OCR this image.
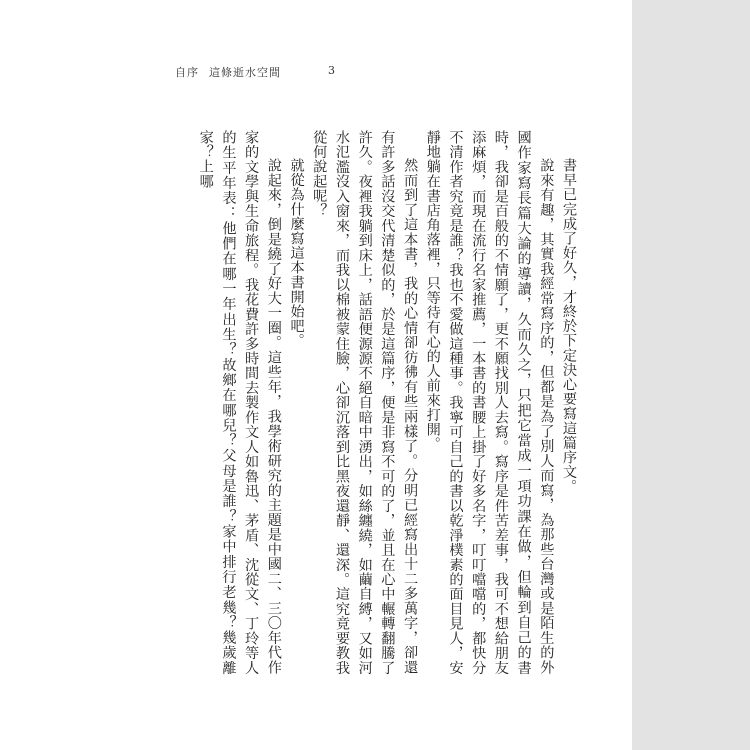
自序 這條逝水空間	3

書早已完成了好久，才終於下定決心要寫這篇序文。

說來有趣，其實我經常寫序的，但都是為了別人而寫，為那些台灣或是陌生的外國作家寫長篇大論的導讀，久而久之，只把它當成一項功課在做，但輪到自己的書時，我卻是百般的不情願了，更不願找別人去寫。寫序是件苦差事，我可不想給朋友添麻煩，而現在流行名家推薦，一本書的書腰上掛了好多名字，叮叮噹噹的，都快分不清作者究竟是誰？我也不愛做這種事。我寧可自己的書以乾淨樸素的面目見人，安靜地躺在書店角落裡，只等待有心的人前來打開。

然而到了這本書，我的心情卻彷彿有些兩樣了。分明已經寫出十二多萬字，卻還有許多話沒交代清楚似的，於是這篇序，便是非寫不可的了，並且在心中輾轉翻騰了許久。夜裡我躺到床上，話語便源源不絕自暗中湧出，如絲纏繞，如繭自縛，又如河水氾濫沒入窗來，而我以棉被蒙住臉，心卻沉落到比黑夜還靜、還深。這究竟要教我從何說起呢？

就從為什麼寫這本書開始吧。

說起來，倒是繞了好大一圈。這些年，我學術研究的主題是中國二、三〇年代作家的文學與生命旅程。我花費許多時間去製作文人如魯迅、茅盾、沈從文、丁玲等人的生平年表：他們在哪一年出生？故鄉在哪兒？父母是誰？家中排行老幾？幾歲離家？上哪
